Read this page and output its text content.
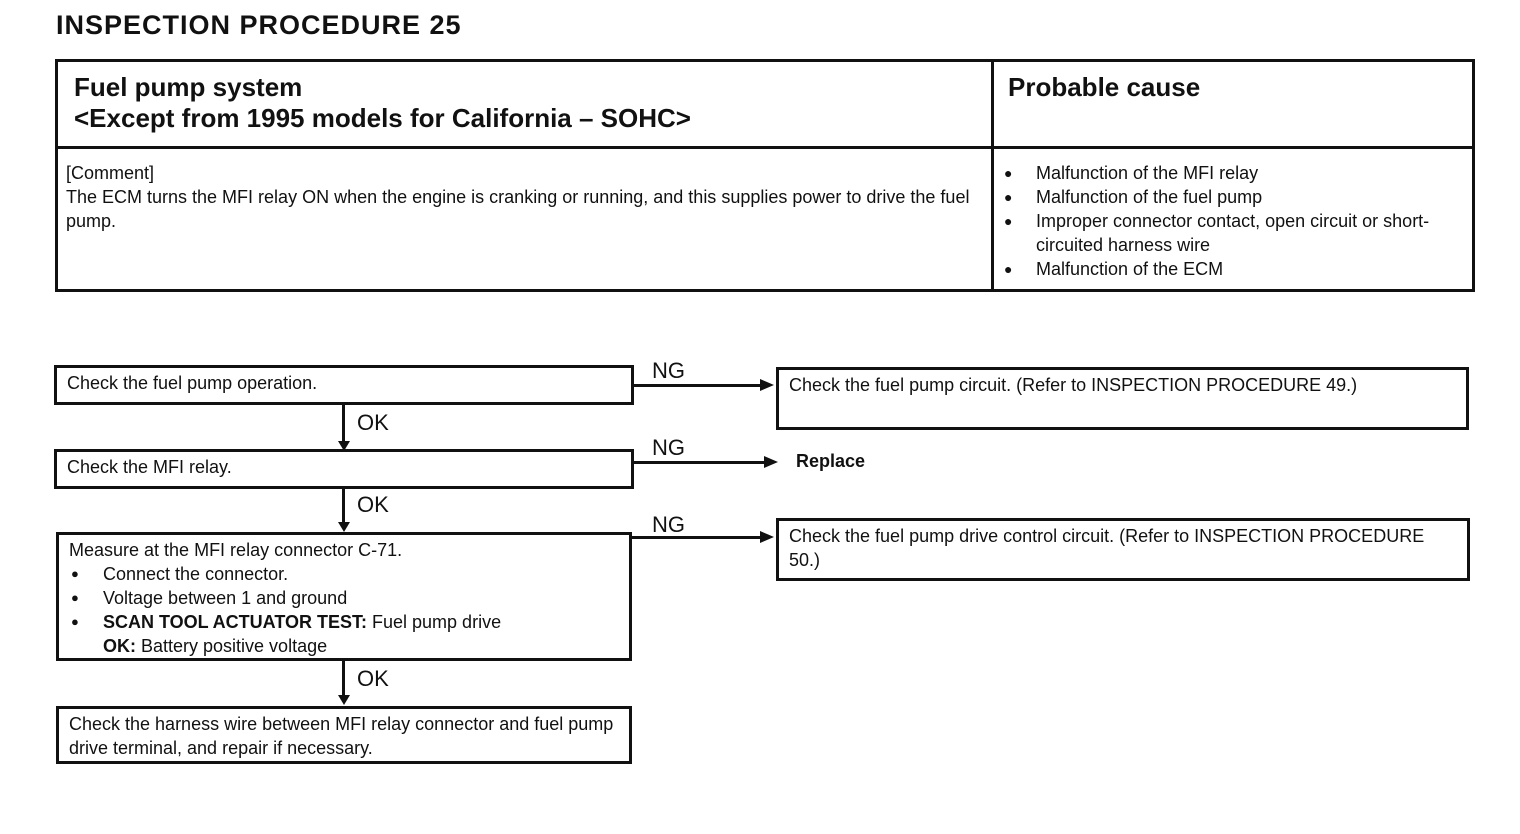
INSPECTION PROCEDURE 25
Fuel pump system
<Except from 1995 models for California – SOHC>
Probable cause
[Comment]
The ECM turns the MFI relay ON when the engine is cranking or running, and this supplies power to drive the fuel pump.
● Malfunction of the MFI relay
● Malfunction of the fuel pump
● Improper connector contact, open circuit or short-circuited harness wire
● Malfunction of the ECM
Check the fuel pump operation.	NG
Check the fuel pump circuit. (Refer to INSPECTION PROCEDURE 49.)
OK
Check the MFI relay.
NG
Replace
OK
Measure at the MFI relay connector C-71.
● Connect the connector.
● Voltage between 1 and ground
● SCAN TOOL ACTUATOR TEST: Fuel pump drive
OK: Battery positive voltage
NG	Check the fuel pump drive control circuit. (Refer to INSPECTION PROCEDURE 50.)
OK
Check the harness wire between MFI relay connector and fuel pump drive terminal, and repair if necessary.
